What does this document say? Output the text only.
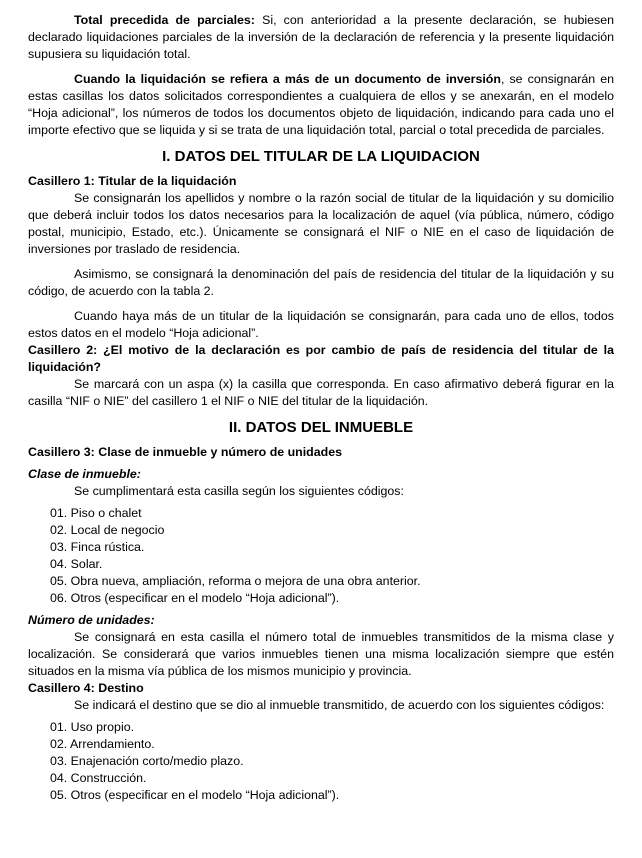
Total precedida de parciales: Si, con anterioridad a la presente declaración, se hubiesen declarado liquidaciones parciales de la inversión de la declaración de referencia y la presente liquidación supusiera su liquidación total.

Cuando la liquidación se refiera a más de un documento de inversión, se consignarán en estas casillas los datos solicitados correspondientes a cualquiera de ellos y se anexarán, en el modelo “Hoja adicional”, los números de todos los documentos objeto de liquidación, indicando para cada uno el importe efectivo que se liquida y si se trata de una liquidación total, parcial o total precedida de parciales.

I. DATOS DEL TITULAR DE LA LIQUIDACION

Casillero 1: Titular de la liquidación

Se consignarán los apellidos y nombre o la razón social de titular de la liquidación y su domicilio que deberá incluir todos los datos necesarios para la localización de aquel (vía pública, número, código postal, municipio, Estado, etc.). Únicamente se consignará el NIF o NIE en el caso de liquidación de inversiones por traslado de residencia.

Asimismo, se consignará la denominación del país de residencia del titular de la liquidación y su código, de acuerdo con la tabla 2.

Cuando haya más de un titular de la liquidación se consignarán, para cada uno de ellos, todos estos datos en el modelo “Hoja adicional”.

Casillero 2: ¿El motivo de la declaración es por cambio de país de residencia del titular de la liquidación?

Se marcará con un aspa (x) la casilla que corresponda. En caso afirmativo deberá figurar en la casilla “NIF o NIE” del casillero 1 el NIF o NIE del titular de la liquidación.

II. DATOS DEL INMUEBLE

Casillero 3: Clase de inmueble y número de unidades

Clase de inmueble:

Se cumplimentará esta casilla según los siguientes códigos:

01. Piso o chalet
02. Local de negocio
03. Finca rústica.
04. Solar.
05. Obra nueva, ampliación, reforma o mejora de una obra anterior.
06. Otros (especificar en el modelo “Hoja adicional”).

Número de unidades:

Se consignará en esta casilla el número total de inmuebles transmitidos de la misma clase y localización. Se considerará que varios inmuebles tienen una misma localización siempre que estén situados en la misma vía pública de los mismos municipio y provincia.

Casillero 4: Destino

Se indicará el destino que se dio al inmueble transmitido, de acuerdo con los siguientes códigos:

01. Uso propio.
02. Arrendamiento.
03. Enajenación corto/medio plazo.
04. Construcción.
05. Otros (especificar en el modelo “Hoja adicional”).
